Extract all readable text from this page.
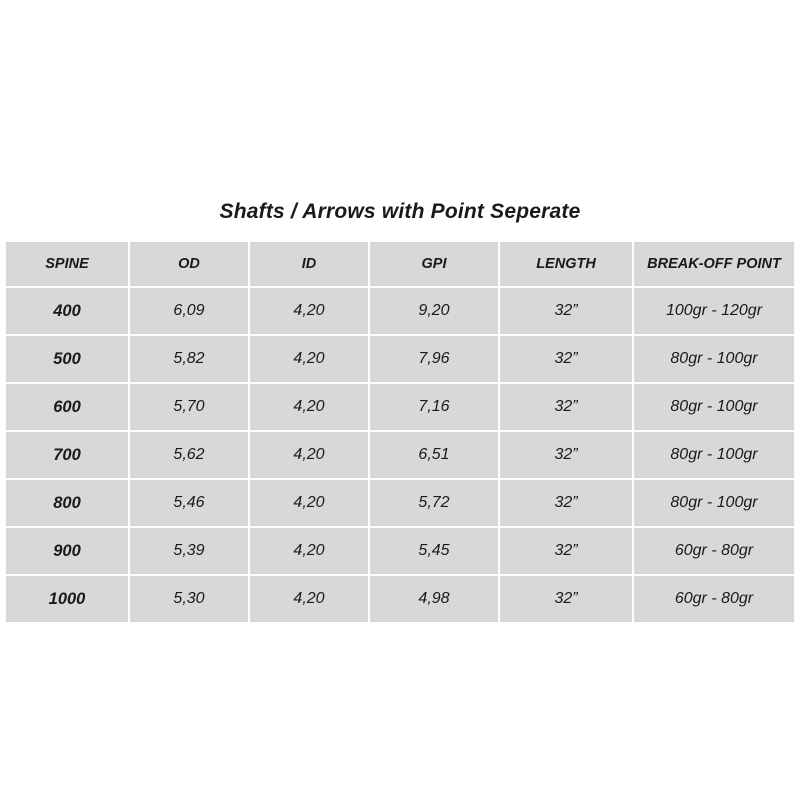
Shafts / Arrows with Point Seperate
SPINE	OD	ID	GPI	LENGTH	BREAK-OFF POINT
400	6,09	4,20	9,20	32”	100gr - 120gr
500	5,82	4,20	7,96	32”	80gr - 100gr
600	5,70	4,20	7,16	32”	80gr - 100gr
700	5,62	4,20	6,51	32”	80gr - 100gr
800	5,46	4,20	5,72	32”	80gr - 100gr
900	5,39	4,20	5,45	32”	60gr - 80gr
1000	5,30	4,20	4,98	32”	60gr - 80gr
